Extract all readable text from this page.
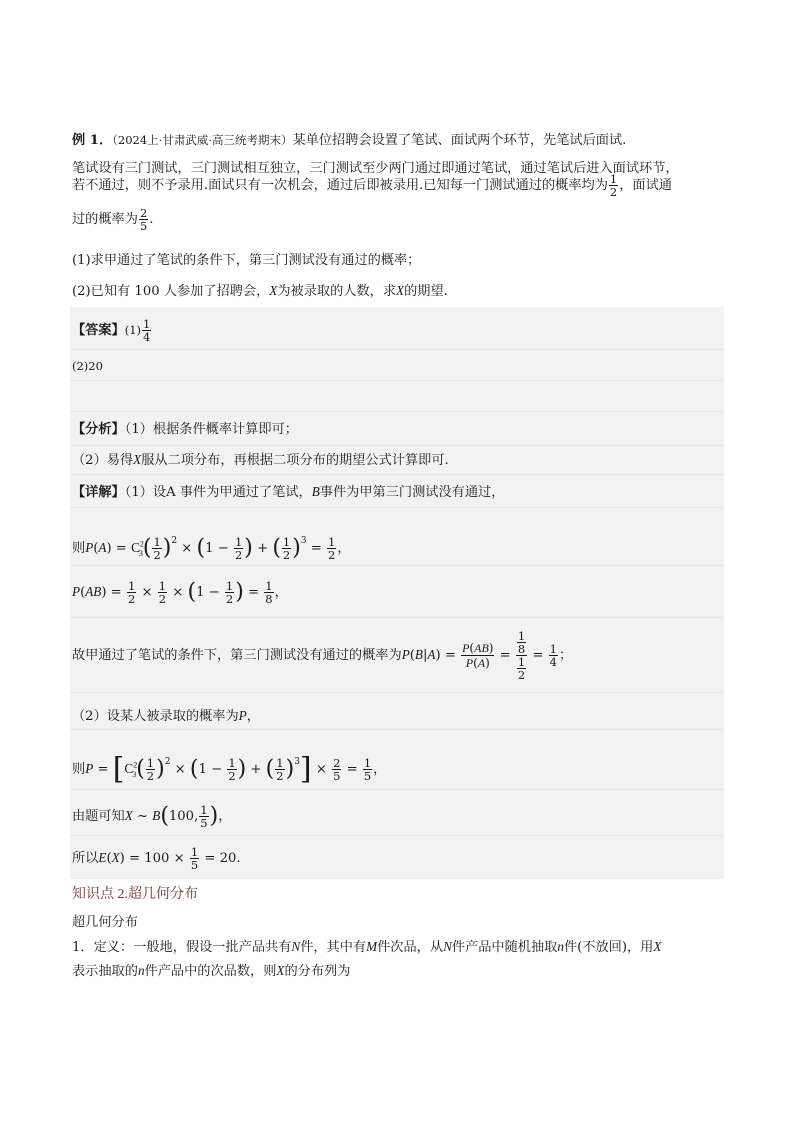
例 1．（2024上·甘肃武威·高三统考期末）某单位招聘会设置了笔试、面试两个环节，先笔试后面试.
笔试设有三门测试，三门测试相互独立，三门测试至少两门通过即通过笔试，通过笔试后进入面试环节，
若不通过，则不予录用.面试只有一次机会，通过后即被录用.已知每一门测试通过的概率均为 $\frac{1}{2}$ ，面试通
过的概率为 $\frac{2}{5}$ .
(1)求甲通过了笔试的条件下，第三门测试没有通过的概率；
(2)已知有 100 人参加了招聘会，X为被录取的人数，求X的期望.
【答案】$(1) \frac{1}{4}$
(2)20
【分析】（1）根据条件概率计算即可；
（2）易得X服从二项分布，再根据二项分布的期望公式计算即可.
【详解】（1）设A 事件为甲通过了笔试，B事件为甲第三门测试没有通过，
则$P(A) = C^2_3( \frac{1}{2} )^2 \times (1 - \frac{1}{2}$ ) + ( $\frac{1}{2} )^3 = \frac{1}{2}$ ，
$P(AB) = \frac{1}{2} \times \frac{1}{2} \times (1 - \frac{1}{2}$ ) = $\frac{1}{8}$ ，
故甲通过了笔试的条件下，第三门测试没有通过的概率为$P(B|A) = \frac{P(AB)}{P(A)} = \frac{\frac{1}{8}}{\frac{1}{2}} = \frac{1}{4}$ ；
（2）设某人被录取的概率为P，
则$P = [C^2_3( \frac{1}{2} )^2 \times (1 - \frac{1}{2}$ ) + ( $\frac{1}{2} )^3] \times \frac{2}{5} = \frac{1}{5}$ ，
由题可知X ~ B(100, $\frac{1}{5}$ )，
所以$E(X) = 100 \times \frac{1}{5} = 20$.
知识点 2.超几何分布
超几何分布
1．定义：一般地，假设一批产品共有N件，其中有M件次品，从N件产品中随机抽取n件(不放回)，用X
表示抽取的n件产品中的次品数，则X的分布列为
